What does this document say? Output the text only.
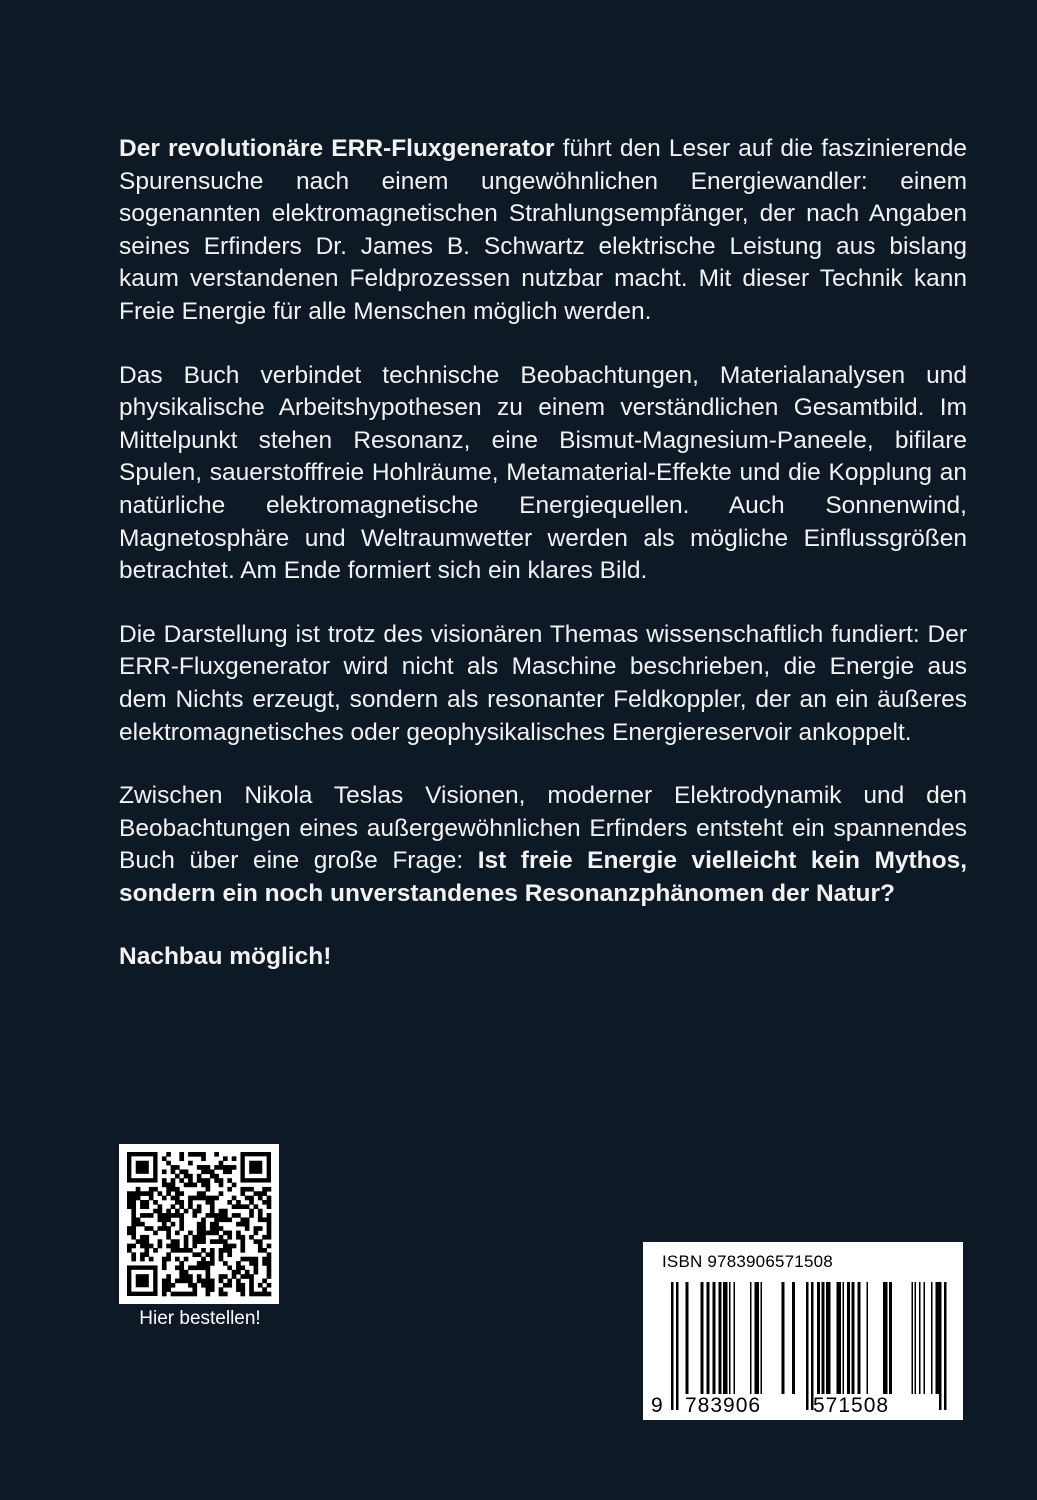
Der revolutionäre ERR-Fluxgenerator führt den Leser auf die faszinierende Spurensuche nach einem ungewöhnlichen Energiewandler: einem sogenannten elektromagnetischen Strahlungsempfänger, der nach Angaben seines Erfinders Dr. James B. Schwartz elektrische Leistung aus bislang kaum verstandenen Feldprozessen nutzbar macht. Mit dieser Technik kann Freie Energie für alle Menschen möglich werden.

Das Buch verbindet technische Beobachtungen, Materialanalysen und physikalische Arbeitshypothesen zu einem verständlichen Gesamtbild. Im Mittelpunkt stehen Resonanz, eine Bismut-Magnesium-Paneele, bifilare Spulen, sauerstofffreie Hohlräume, Metamaterial-Effekte und die Kopplung an natürliche elektromagnetische Energiequellen. Auch Sonnenwind, Magnetosphäre und Weltraumwetter werden als mögliche Einflussgrößen betrachtet. Am Ende formiert sich ein klares Bild.

Die Darstellung ist trotz des visionären Themas wissenschaftlich fundiert: Der ERR-Fluxgenerator wird nicht als Maschine beschrieben, die Energie aus dem Nichts erzeugt, sondern als resonanter Feldkoppler, der an ein äußeres elektromagnetisches oder geophysikalisches Energiereservoir ankoppelt.

Zwischen Nikola Teslas Visionen, moderner Elektrodynamik und den Beobachtungen eines außergewöhnlichen Erfinders entsteht ein spannendes Buch über eine große Frage: Ist freie Energie vielleicht kein Mythos, sondern ein noch unverstandenes Resonanzphänomen der Natur?

Nachbau möglich!

Hier bestellen!
ISBN 9783906571508
9 783906 571508
